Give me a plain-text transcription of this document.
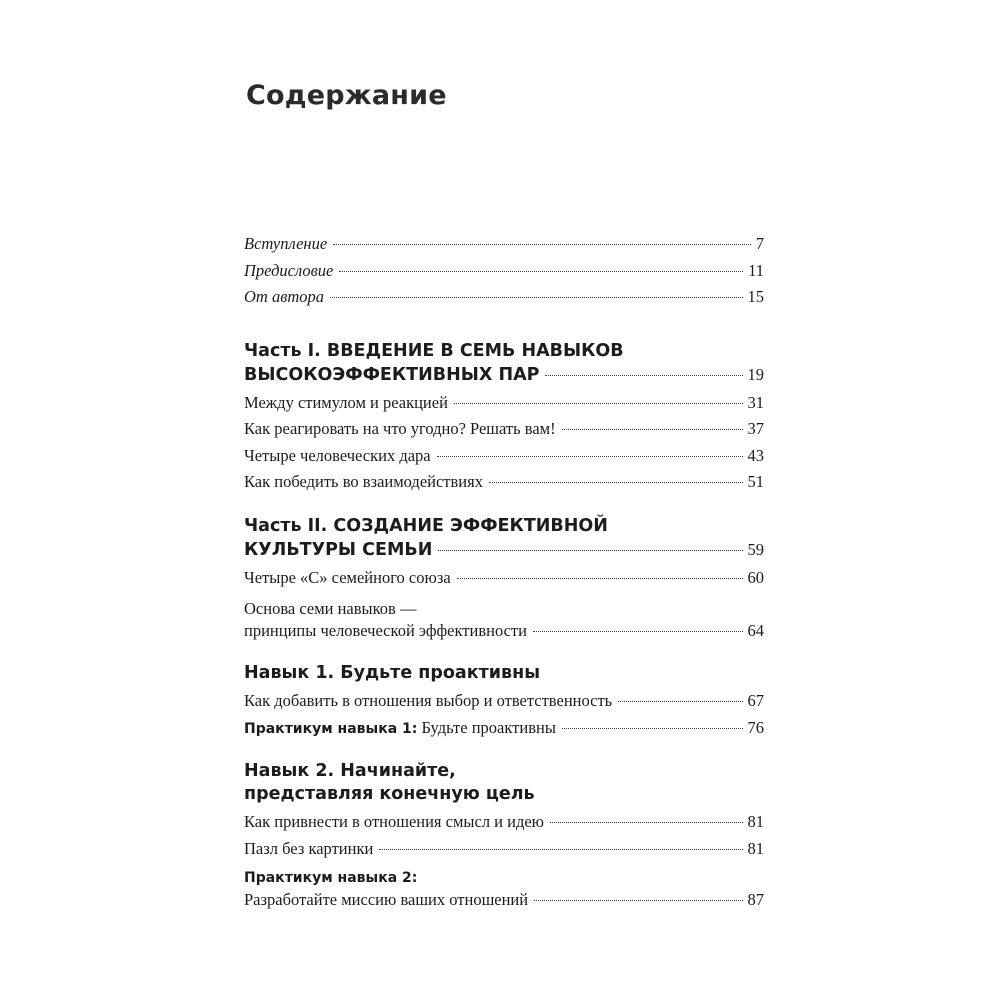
Содержание
Вступление	7
Предисловие	11
От автора	15
Часть I. ВВЕДЕНИЕ В СЕМЬ НАВЫКОВ
ВЫСОКОЭФФЕКТИВНЫХ ПАР	19
Между стимулом и реакцией	31
Как реагировать на что угодно? Решать вам!	37
Четыре человеческих дара	43
Как победить во взаимодействиях	51
Часть II. СОЗДАНИЕ ЭФФЕКТИВНОЙ
КУЛЬТУРЫ СЕМЬИ	59
Четыре «С» семейного союза	60
Основа семи навыков —
принципы человеческой эффективности	64
Навык 1. Будьте проактивны
Как добавить в отношения выбор и ответственность	67
Практикум навыка 1: Будьте проактивны	76
Навык 2. Начинайте,
представляя конечную цель
Как привнести в отношения смысл и идею	81
Пазл без картинки	81
Практикум навыка 2:
Разработайте миссию ваших отношений	87
